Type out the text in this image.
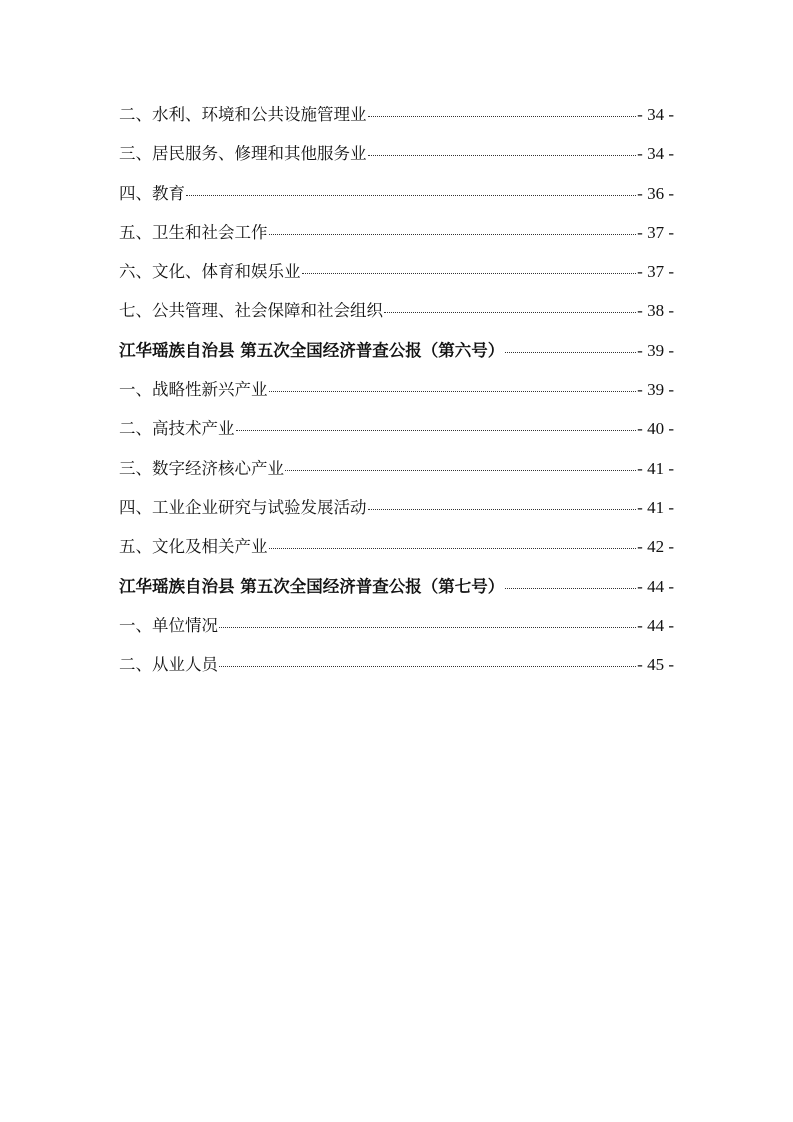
二、水利、环境和公共设施管理业	- 34 -
三、居民服务、修理和其他服务业	- 34 -
四、教育	- 36 -
五、卫生和社会工作	- 37 -
六、文化、体育和娱乐业	- 37 -
七、公共管理、社会保障和社会组织	- 38 -
江华瑶族自治县 第五次全国经济普查公报（第六号）	- 39 -
一、战略性新兴产业	- 39 -
二、高技术产业	- 40 -
三、数字经济核心产业	- 41 -
四、工业企业研究与试验发展活动	- 41 -
五、文化及相关产业	- 42 -
江华瑶族自治县 第五次全国经济普查公报（第七号）	- 44 -
一、单位情况	- 44 -
二、从业人员	- 45 -
